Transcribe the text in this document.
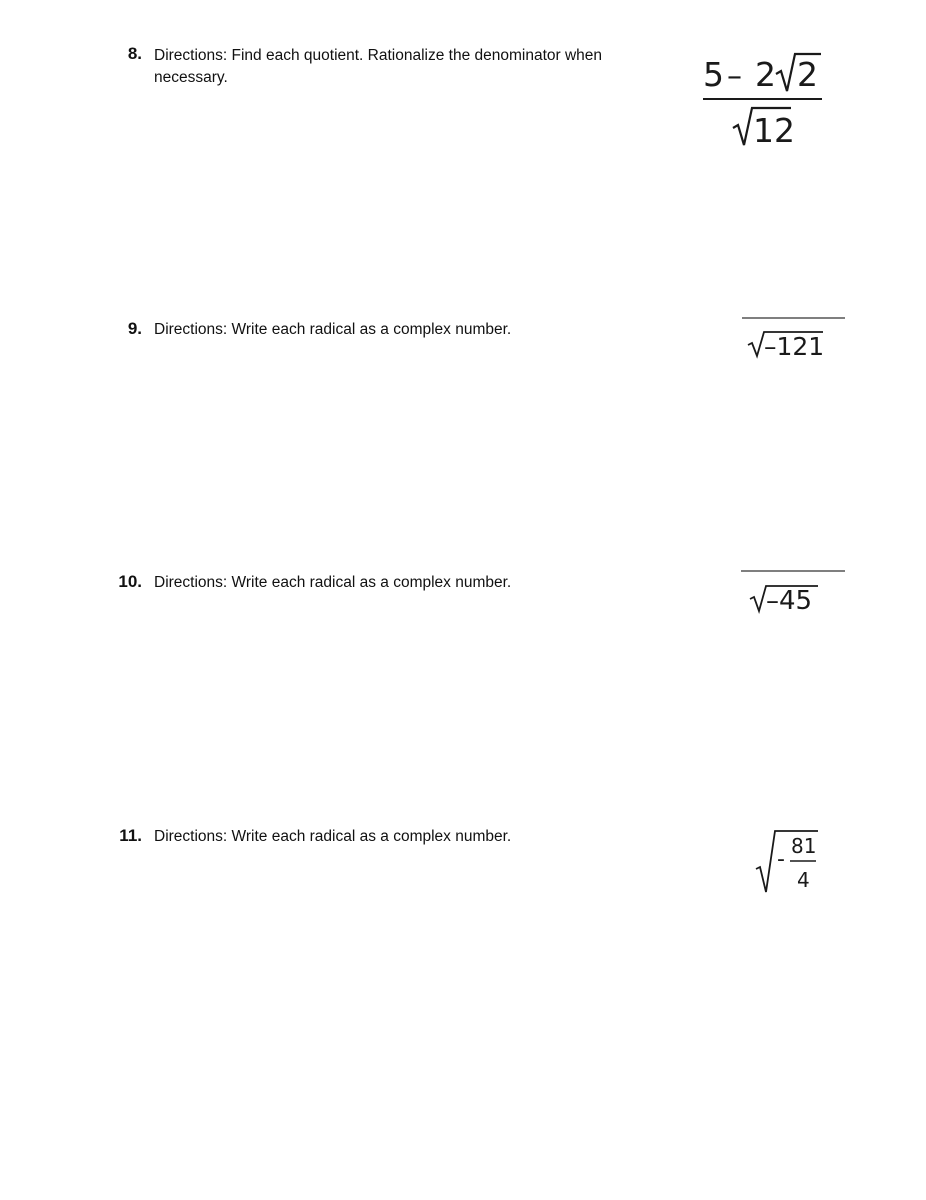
8. Directions: Find each quotient. Rationalize the denominator when necessary.	5 – 2 2
12
9. Directions: Write each radical as a complex number.
–121
10. Directions: Write each radical as a complex number.
–45
11. Directions: Write each radical as a complex number.
-
81
4
